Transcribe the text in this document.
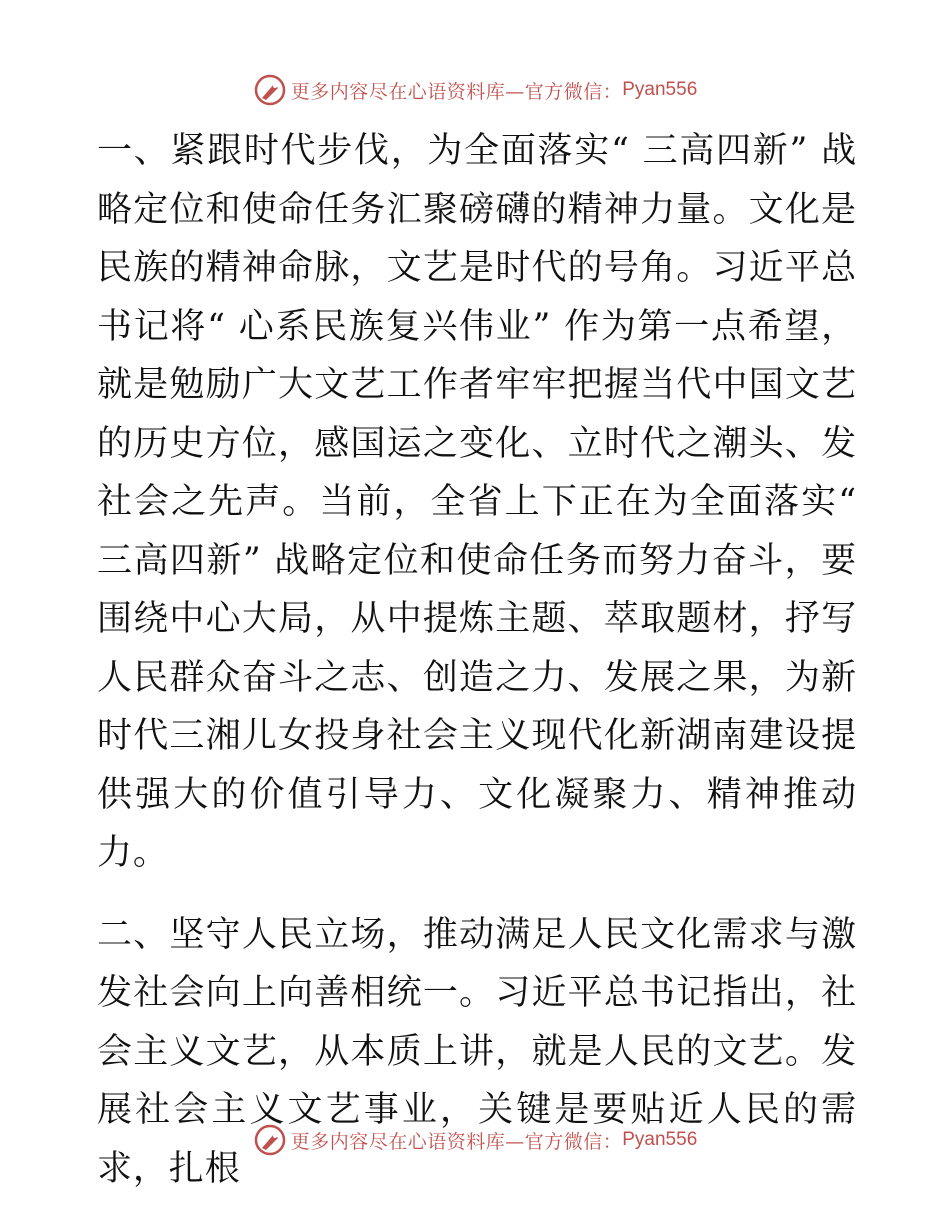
更多内容尽在心语资料库—官方微信： Pyan556

一、紧跟时代步伐，为全面落实“ 三高四新” 战略定位和使命任务汇聚磅礴的精神力量。文化是民族的精神命脉，文艺是时代的号角。习近平总书记将“ 心系民族复兴伟业” 作为第一点希望，就是勉励广大文艺工作者牢牢把握当代中国文艺的历史方位，感国运之变化、立时代之潮头、发社会之先声。当前，全省上下正在为全面落实“ 三高四新” 战略定位和使命任务而努力奋斗，要围绕中心大局，从中提炼主题、萃取题材，抒写人民群众奋斗之志、创造之力、发展之果，为新时代三湘儿女投身社会主义现代化新湖南建设提供强大的价值引导力、文化凝聚力、精神推动力。

二、坚守人民立场，推动满足人民文化需求与激发社会向上向善相统一。习近平总书记指出，社会主义文艺，从本质上讲，就是人民的文艺。发展社会主义文艺事业，关键是要贴近人民的需求，扎根

更多内容尽在心语资料库—官方微信： Pyan556
